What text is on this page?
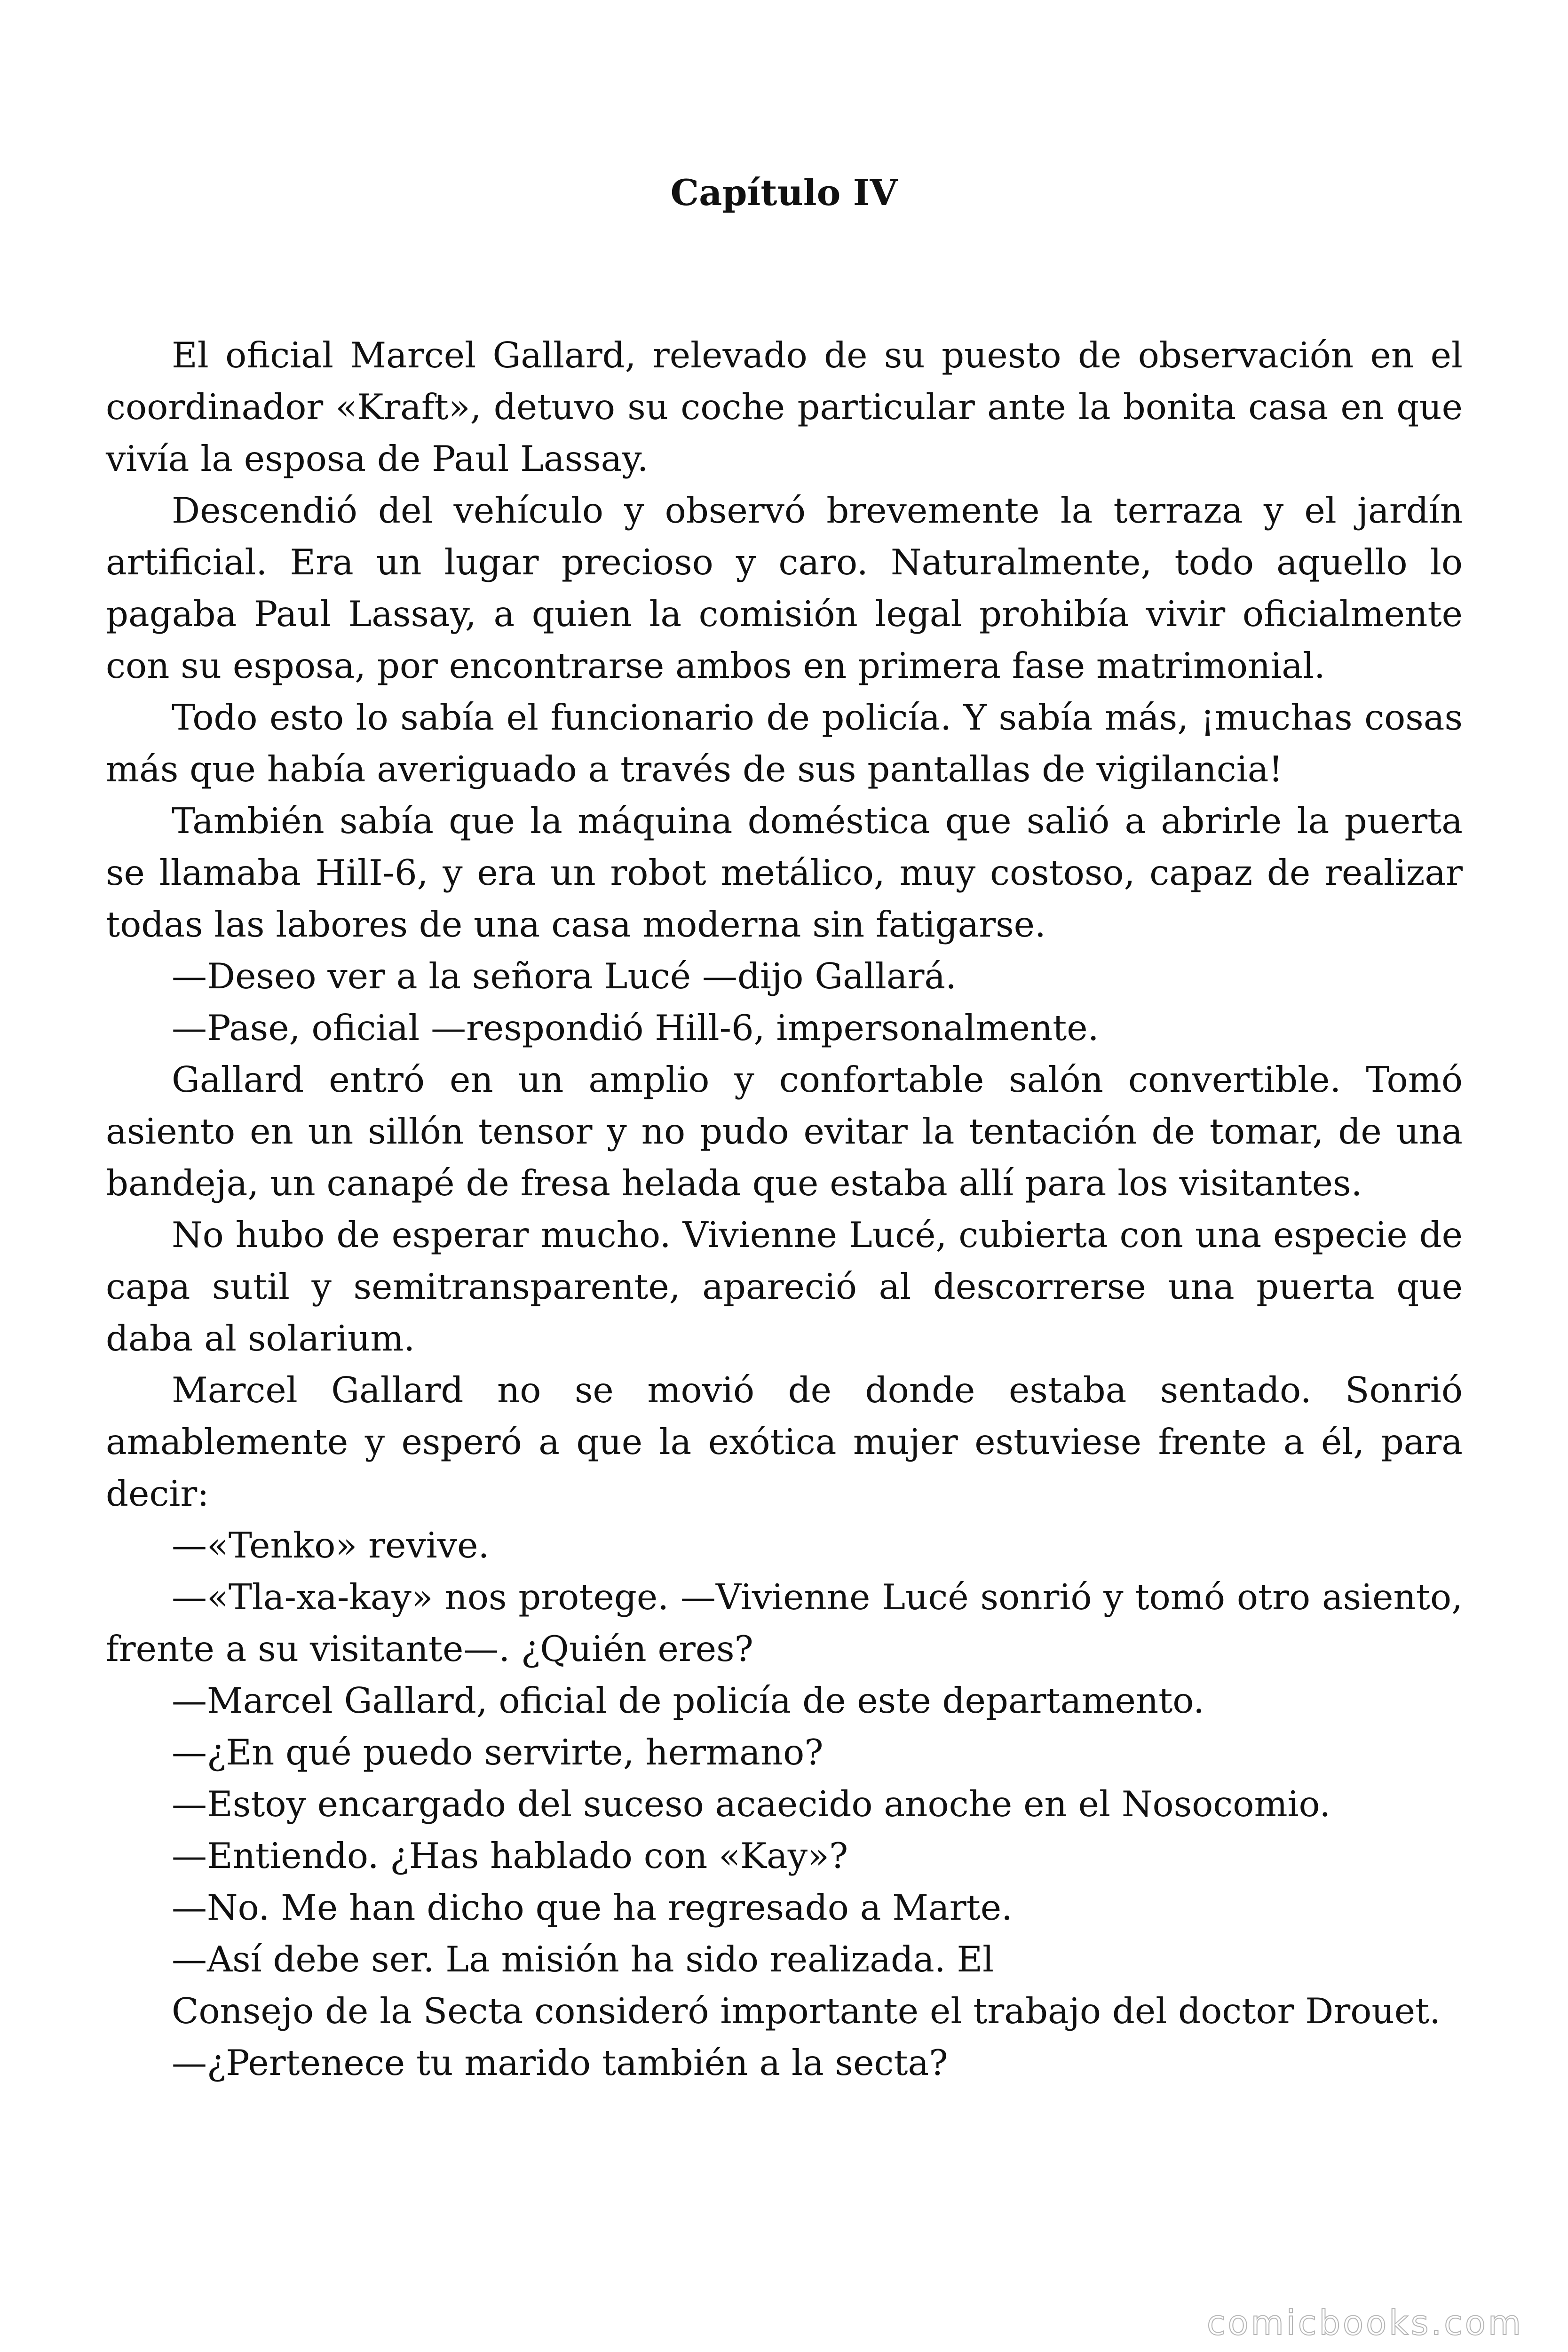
Capítulo IV

El oficial Marcel Gallard, relevado de su puesto de observación en el coordinador «Kraft», detuvo su coche particular ante la bonita casa en que vivía la esposa de Paul Lassay.

Descendió del vehículo y observó brevemente la terraza y el jardín artificial. Era un lugar precioso y caro. Naturalmente, todo aquello lo pagaba Paul Lassay, a quien la comisión legal prohibía vivir oficialmente con su esposa, por encontrarse ambos en primera fase matrimonial.

Todo esto lo sabía el funcionario de policía. Y sabía más, ¡muchas cosas más que había averiguado a través de sus pantallas de vigilancia!

También sabía que la máquina doméstica que salió a abrirle la puerta se llamaba HilI-6, y era un robot metálico, muy costoso, capaz de realizar todas las labores de una casa moderna sin fatigarse.

—Deseo ver a la señora Lucé —dijo Gallará.

—Pase, oficial —respondió Hill-6, impersonalmente.

Gallard entró en un amplio y confortable salón convertible. Tomó asiento en un sillón tensor y no pudo evitar la tentación de tomar, de una bandeja, un canapé de fresa helada que estaba allí para los visitantes.

No hubo de esperar mucho. Vivienne Lucé, cubierta con una especie de capa sutil y semitransparente, apareció al descorrerse una puerta que daba al solarium.

Marcel Gallard no se movió de donde estaba sentado. Sonrió amablemente y esperó a que la exótica mujer estuviese frente a él, para decir:

—«Tenko» revive.

—«Tla-xa-kay» nos protege. —Vivienne Lucé sonrió y tomó otro asiento, frente a su visitante—. ¿Quién eres?

—Marcel Gallard, oficial de policía de este departamento.

—¿En qué puedo servirte, hermano?

—Estoy encargado del suceso acaecido anoche en el Nosocomio.

—Entiendo. ¿Has hablado con «Kay»?

—No. Me han dicho que ha regresado a Marte.

—Así debe ser. La misión ha sido realizada. El

Consejo de la Secta consideró importante el trabajo del doctor Drouet.

—¿Pertenece tu marido también a la secta?

comicbooks.com
